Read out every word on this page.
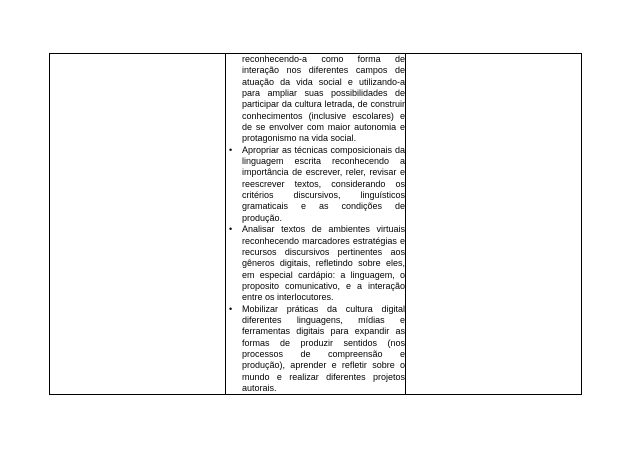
reconhecendo-a como forma de interação nos diferentes campos de atuação da vida social e utilizando-a para ampliar suas possibilidades de participar da cultura letrada, de construir conhecimentos (inclusive escolares) e de se envolver com maior autonomia e protagonismo na vida social.
• Apropriar as técnicas composicionais da linguagem escrita reconhecendo a importância de escrever, reler, revisar e reescrever textos, considerando os critérios discursivos, linguísticos gramaticais e as condições de produção.
• Analisar textos de ambientes virtuais reconhecendo marcadores estratégias e recursos discursivos pertinentes aos gêneros digitais, refletindo sobre eles, em especial cardápio: a linguagem, o proposito comunicativo, e a interação entre os interlocutores.
• Mobilizar práticas da cultura digital diferentes linguagens, mídias e ferramentas digitais para expandir as formas de produzir sentidos (nos processos de compreensão e produção), aprender e refletir sobre o mundo e realizar diferentes projetos autorais.
